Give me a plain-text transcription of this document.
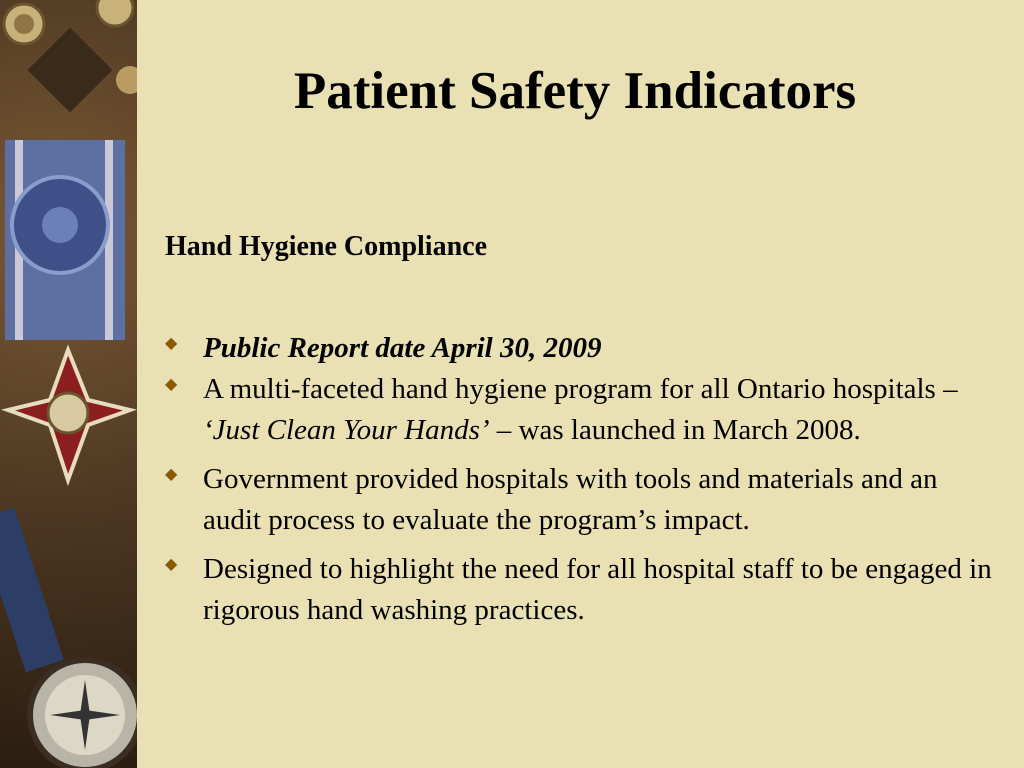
Patient Safety Indicators
Hand Hygiene Compliance
◆ Public Report date April 30, 2009
◆ A multi-faceted hand hygiene program for all Ontario hospitals – ‘Just Clean Your Hands’ – was launched in March 2008.
◆ Government provided hospitals with tools and materials and an audit process to evaluate the program’s impact.
◆ Designed to highlight the need for all hospital staff to be engaged in rigorous hand washing practices.
